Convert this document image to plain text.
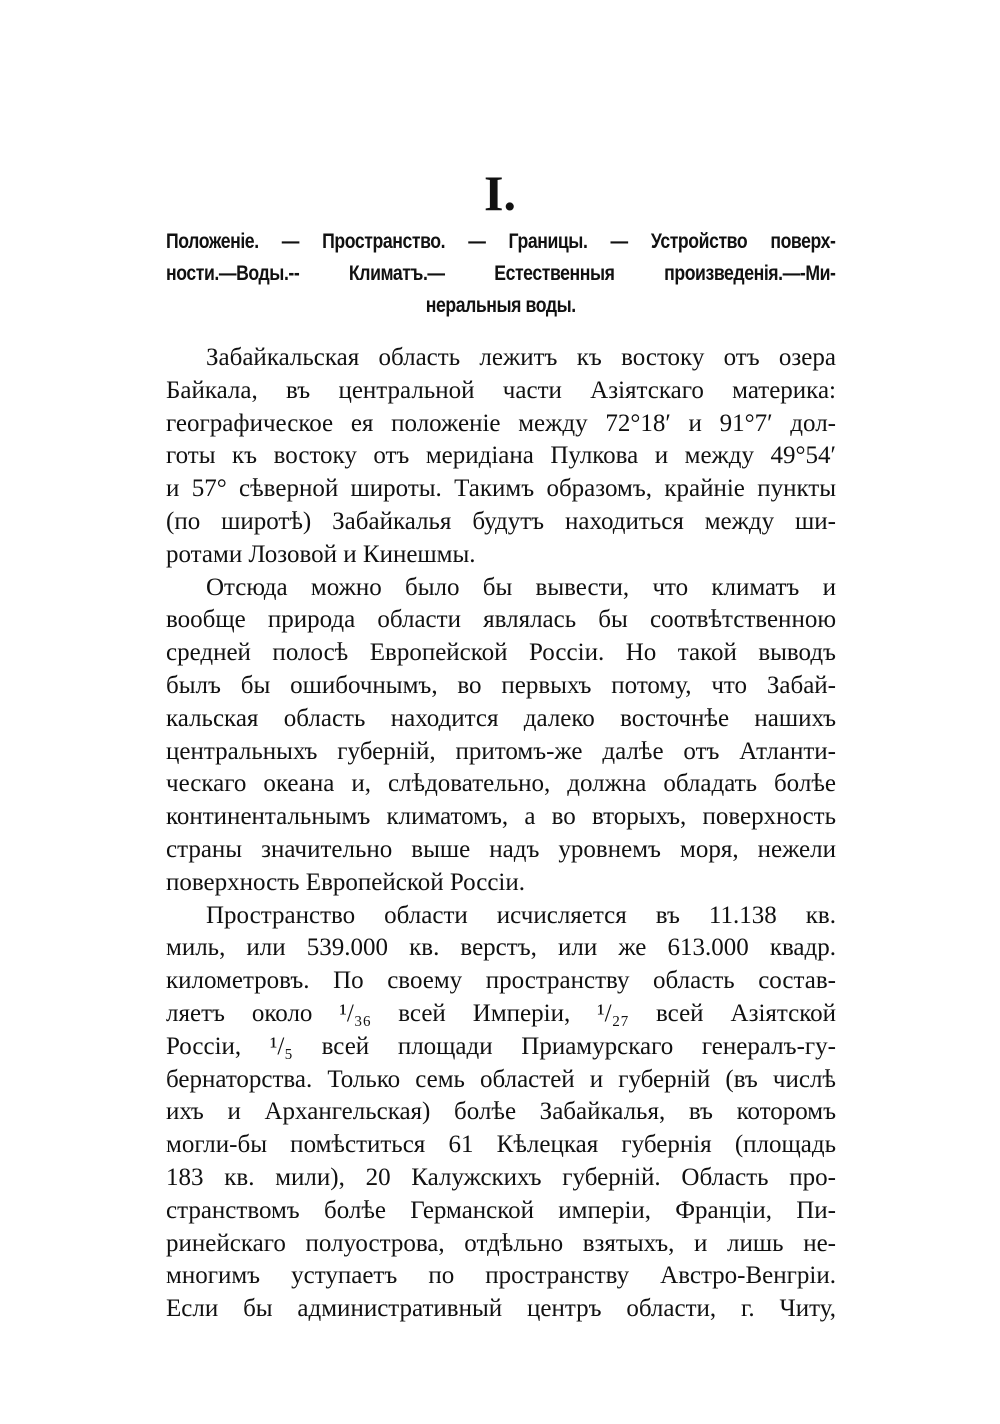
I.
Положеніе. — Пространство. — Границы. — Устройство поверх-
ности.—Воды.-- Климатъ.— Естественныя произведенія.—-Ми-
неральныя воды.

Забайкальская область лежитъ къ востоку отъ озера
Байкала, въ центральной части Азіятскаго материка:
географическое ея положеніе между 72°18′ и 91°7′ дол-
готы къ востоку отъ меридіана Пулкова и между 49°54′
и 57° сѣверной широты. Такимъ образомъ, крайніе пункты
(по широтѣ) Забайкалья будутъ находиться между ши-
ротами Лозовой и Кинешмы.

Отсюда можно было бы вывести, что климатъ и
вообще природа области являлась бы соотвѣтственною
средней полосѣ Европейской Россіи. Но такой выводъ
былъ бы ошибочнымъ, во первыхъ потому, что Забай-
кальская область находится далеко восточнѣе нашихъ
центральныхъ губерній, притомъ-же далѣе отъ Атланти-
ческаго океана и, слѣдовательно, должна обладать болѣе
континентальнымъ климатомъ, а во вторыхъ, поверхность
страны значительно выше надъ уровнемъ моря, нежели
поверхность Европейской Россіи.

Пространство области исчисляется въ 11.138 кв.
миль, или 539.000 кв. верстъ, или же 613.000 квадр.
километровъ. По своему пространству область состав-
ляетъ около ¹/₃₆ всей Имперіи, ¹/₂₇ всей Азіятской
Россіи, ¹/₅ всей площади Приамурскаго генералъ-гу-
бернаторства. Только семь областей и губерній (въ числѣ
ихъ и Архангельская) болѣе Забайкалья, въ которомъ
могли-бы помѣститься 61 Кѣлецкая губернія (площадь
183 кв. мили), 20 Калужскихъ губерній. Область про-
странствомъ болѣе Германской имперіи, Франціи, Пи-
ринейскаго полуострова, отдѣльно взятыхъ, и лишь не-
многимъ уступаетъ по пространству Австро-Венгріи.
Если бы административный центръ области, г. Читу,
